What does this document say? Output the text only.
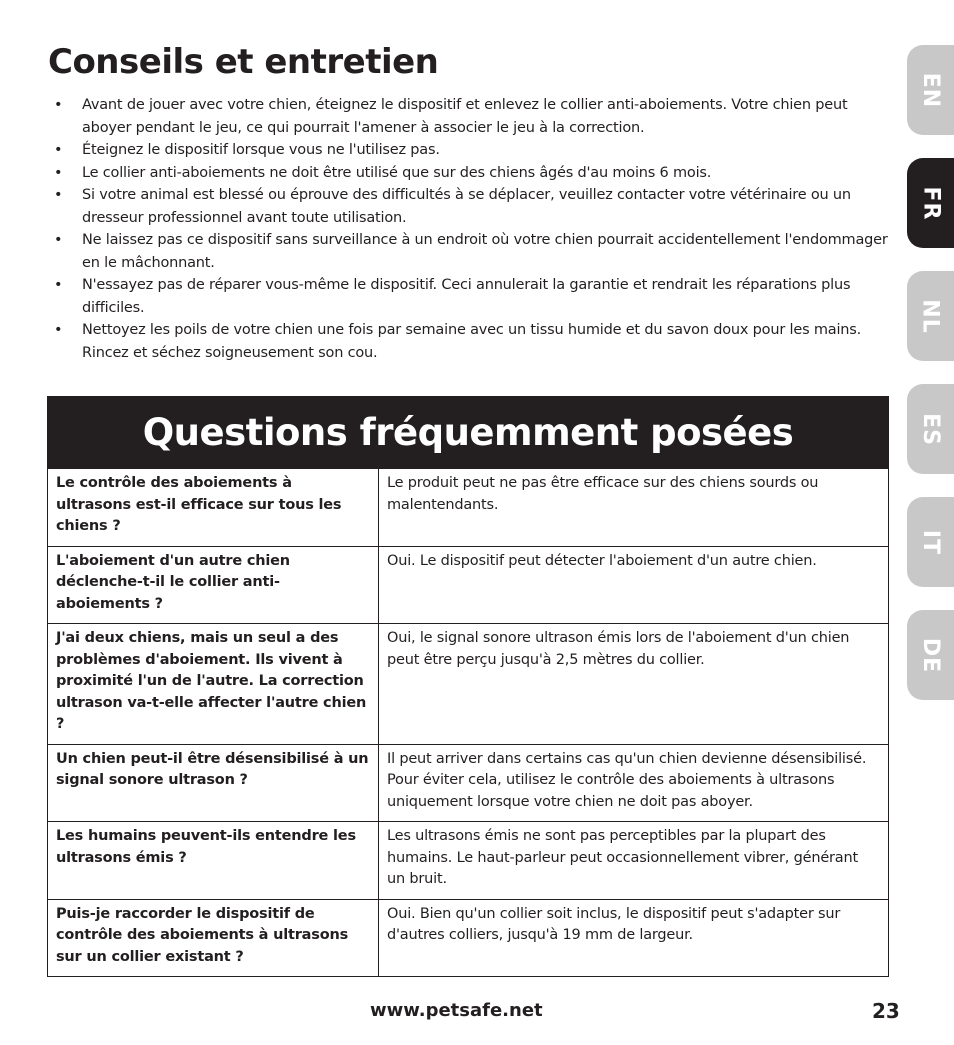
Conseils et entretien
• Avant de jouer avec votre chien, éteignez le dispositif et enlevez le collier anti-aboiements. Votre chien peut aboyer pendant le jeu, ce qui pourrait l'amener à associer le jeu à la correction.
• Éteignez le dispositif lorsque vous ne l'utilisez pas.
• Le collier anti-aboiements ne doit être utilisé que sur des chiens âgés d'au moins 6 mois.
• Si votre animal est blessé ou éprouve des difficultés à se déplacer, veuillez contacter votre vétérinaire ou un dresseur professionnel avant toute utilisation.
• Ne laissez pas ce dispositif sans surveillance à un endroit où votre chien pourrait accidentellement l'endommager en le mâchonnant.
• N'essayez pas de réparer vous-même le dispositif. Ceci annulerait la garantie et rendrait les réparations plus difficiles.
• Nettoyez les poils de votre chien une fois par semaine avec un tissu humide et du savon doux pour les mains. Rincez et séchez soigneusement son cou.
Questions fréquemment posées
Le contrôle des aboiements à ultrasons est-il efficace sur tous les chiens ?	Le produit peut ne pas être efficace sur des chiens sourds ou malentendants.
L'aboiement d'un autre chien déclenche-t-il le collier anti-aboiements ?	Oui. Le dispositif peut détecter l'aboiement d'un autre chien.
J'ai deux chiens, mais un seul a des problèmes d'aboiement. Ils vivent à proximité l'un de l'autre. La correction ultrason va-t-elle affecter l'autre chien ?	Oui, le signal sonore ultrason émis lors de l'aboiement d'un chien peut être perçu jusqu'à 2,5 mètres du collier.
Un chien peut-il être désensibilisé à un signal sonore ultrason ?	Il peut arriver dans certains cas qu'un chien devienne désensibilisé. Pour éviter cela, utilisez le contrôle des aboiements à ultrasons uniquement lorsque votre chien ne doit pas aboyer.
Les humains peuvent-ils entendre les ultrasons émis ?	Les ultrasons émis ne sont pas perceptibles par la plupart des humains. Le haut-parleur peut occasionnellement vibrer, générant un bruit.
Puis-je raccorder le dispositif de contrôle des aboiements à ultrasons sur un collier existant ?	Oui. Bien qu'un collier soit inclus, le dispositif peut s'adapter sur d'autres colliers, jusqu'à 19 mm de largeur.
EN
FR
NL
ES
IT
DE
www.petsafe.net	23
